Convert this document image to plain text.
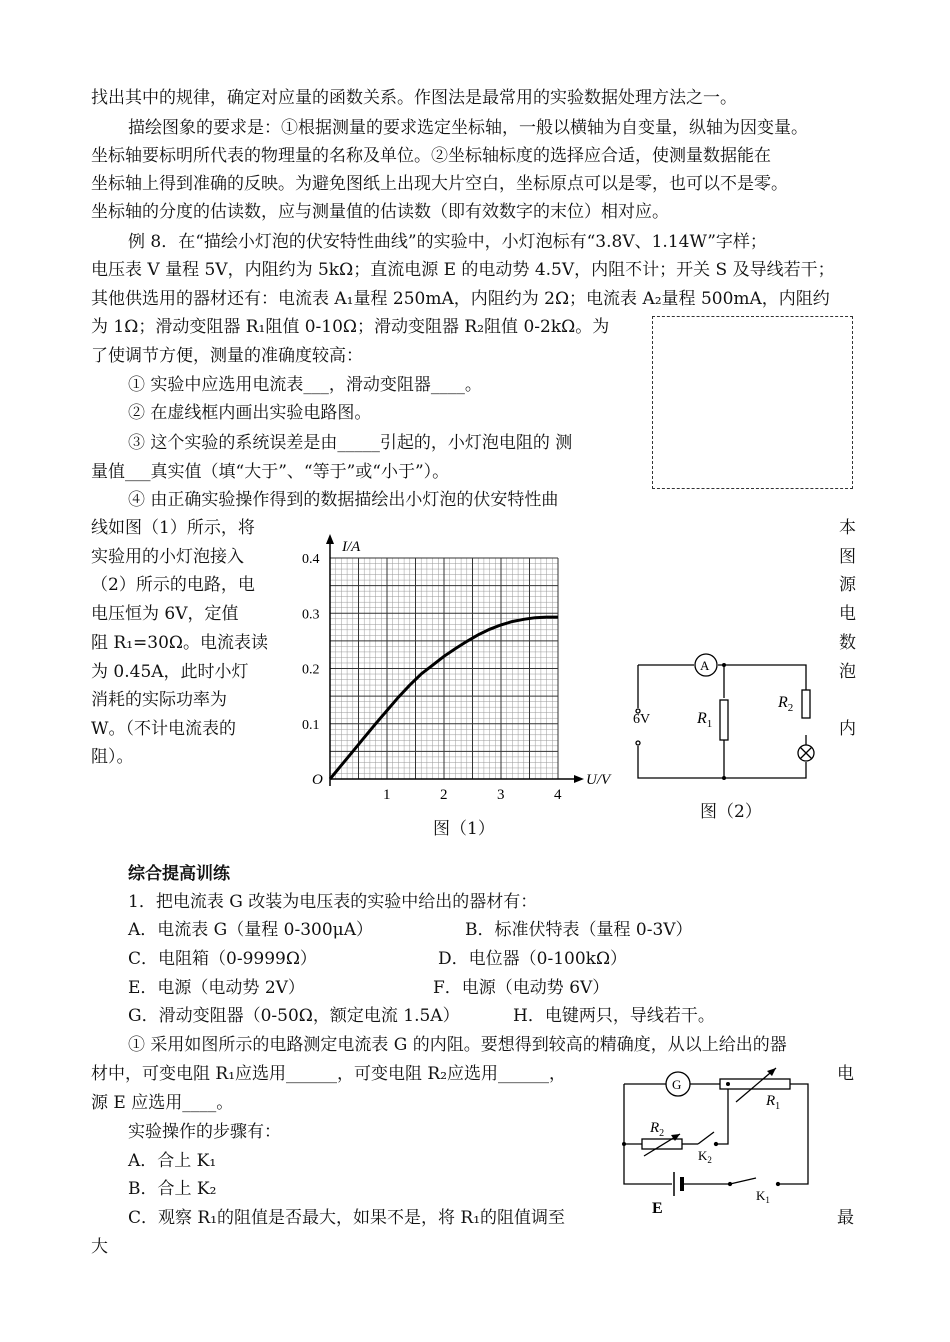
找出其中的规律，确定对应量的函数关系。作图法是最常用的实验数据处理方法之一。
描绘图象的要求是：①根据测量的要求选定坐标轴，一般以横轴为自变量，纵轴为因变量。
坐标轴要标明所代表的物理量的名称及单位。②坐标轴标度的选择应合适，使测量数据能在
坐标轴上得到准确的反映。为避免图纸上出现大片空白，坐标原点可以是零，也可以不是零。
坐标轴的分度的估读数，应与测量值的估读数（即有效数字的末位）相对应。
例 8．在“描绘小灯泡的伏安特性曲线”的实验中，小灯泡标有“3.8V、1.14W”字样；
电压表 V 量程 5V，内阻约为 5kΩ；直流电源 E 的电动势 4.5V，内阻不计；开关 S 及导线若干；
其他供选用的器材还有：电流表 A₁量程 250mA，内阻约为 2Ω；电流表 A₂量程 500mA，内阻约
为 1Ω；滑动变阻器 R₁阻值 0-10Ω；滑动变阻器 R₂阻值 0-2kΩ。为
了使调节方便，测量的准确度较高：
① 实验中应选用电流表___，滑动变阻器____。
② 在虚线框内画出实验电路图。
③ 这个实验的系统误差是由_____引起的，小灯泡电阻的 测
量值___真实值（填“大于”、“等于”或“小于”）。
④ 由正确实验操作得到的数据描绘出小灯泡的伏安特性曲
线如图（1）所示，将
实验用的小灯泡接入
（2）所示的电路，电
电压恒为 6V，定值
阻 R₁=30Ω。电流表读
为 0.45A，此时小灯
消耗的实际功率为
W。（不计电流表的
阻）。
本
图
源
电
数
泡
内
1	2	3	4
0.1
0.2
0.3
0.4
I/A
U/V
O
图（1）
A
6V	$R_1$
$R_2$
图（2）
综合提高训练
1．把电流表 G 改装为电压表的实验中给出的器材有：
A．电流表 G（量程 0-300μA）	B．标准伏特表（量程 0-3V）
C．电阻箱（0-9999Ω）	D．电位器（0-100kΩ）
E．电源（电动势 2V）	F．电源（电动势 6V）
G．滑动变阻器（0-50Ω，额定电流 1.5A）	H．电键两只，导线若干。
① 采用如图所示的电路测定电流表 G 的内阻。要想得到较高的精确度，从以上给出的器
材中，可变电阻 R₁应选用______，可变电阻 R₂应选用______，	电
源 E 应选用____。
实验操作的步骤有：
A．合上 K₁
B．合上 K₂
C．观察 R₁的阻值是否最大，如果不是，将 R₁的阻值调至	最
大
G
$R_1$
$R_2$
$K_2$
$K_1$
E
